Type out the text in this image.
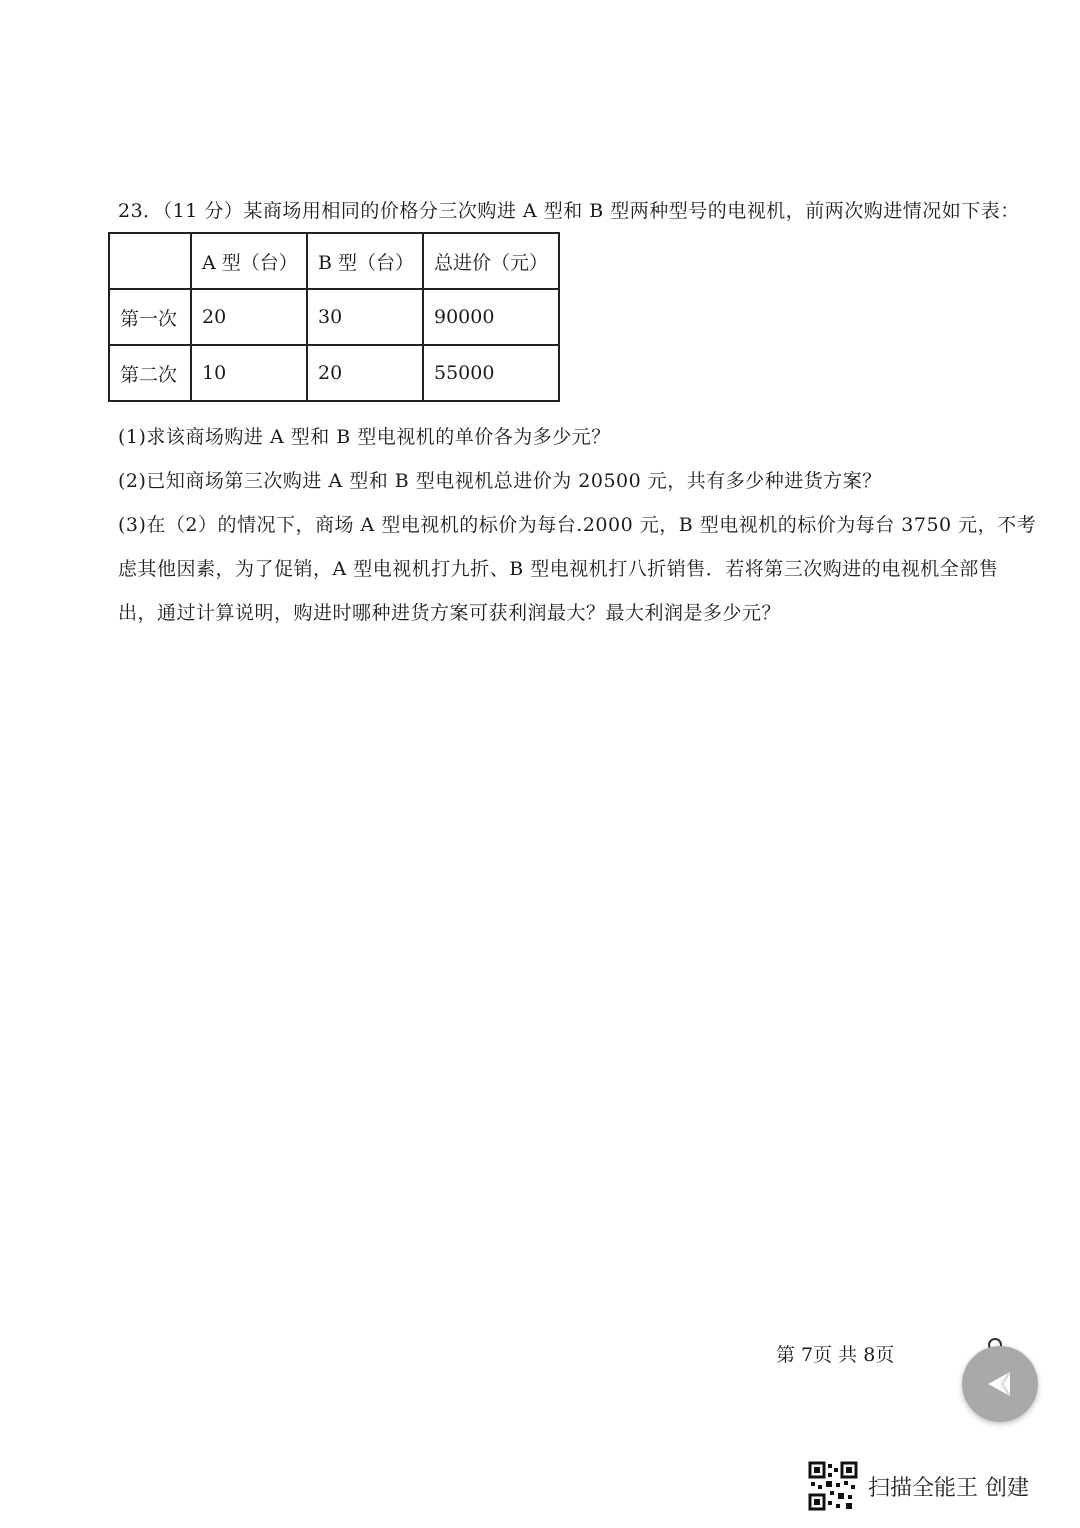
23．（11 分）某商场用相同的价格分三次购进 A 型和 B 型两种型号的电视机，前两次购进情况如下表：
	A 型（台）	B 型（台）	总进价（元）
第一次	20	30	90000
第二次	10	20	55000
(1)求该商场购进 A 型和 B 型电视机的单价各为多少元？
(2)已知商场第三次购进 A 型和 B 型电视机总进价为 20500 元，共有多少种进货方案？
(3)在（2）的情况下，商场 A 型电视机的标价为每台.2000 元，B 型电视机的标价为每台 3750 元，不考
虑其他因素，为了促销，A 型电视机打九折、B 型电视机打八折销售．若将第三次购进的电视机全部售
出，通过计算说明，购进时哪种进货方案可获利润最大？最大利润是多少元？
第 7页 共 8页
扫描全能王 创建
